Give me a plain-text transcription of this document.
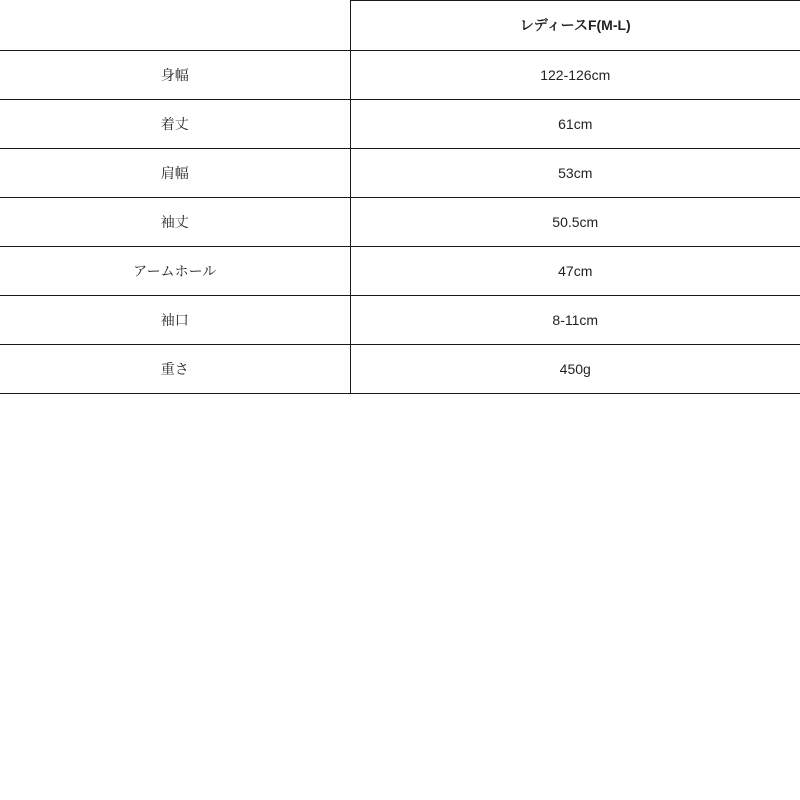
	レディースF(M-L)
身幅	122-126cm
着丈	61cm
肩幅	53cm
袖丈	50.5cm
アームホール	47cm
袖口	8-11cm
重さ	450g
